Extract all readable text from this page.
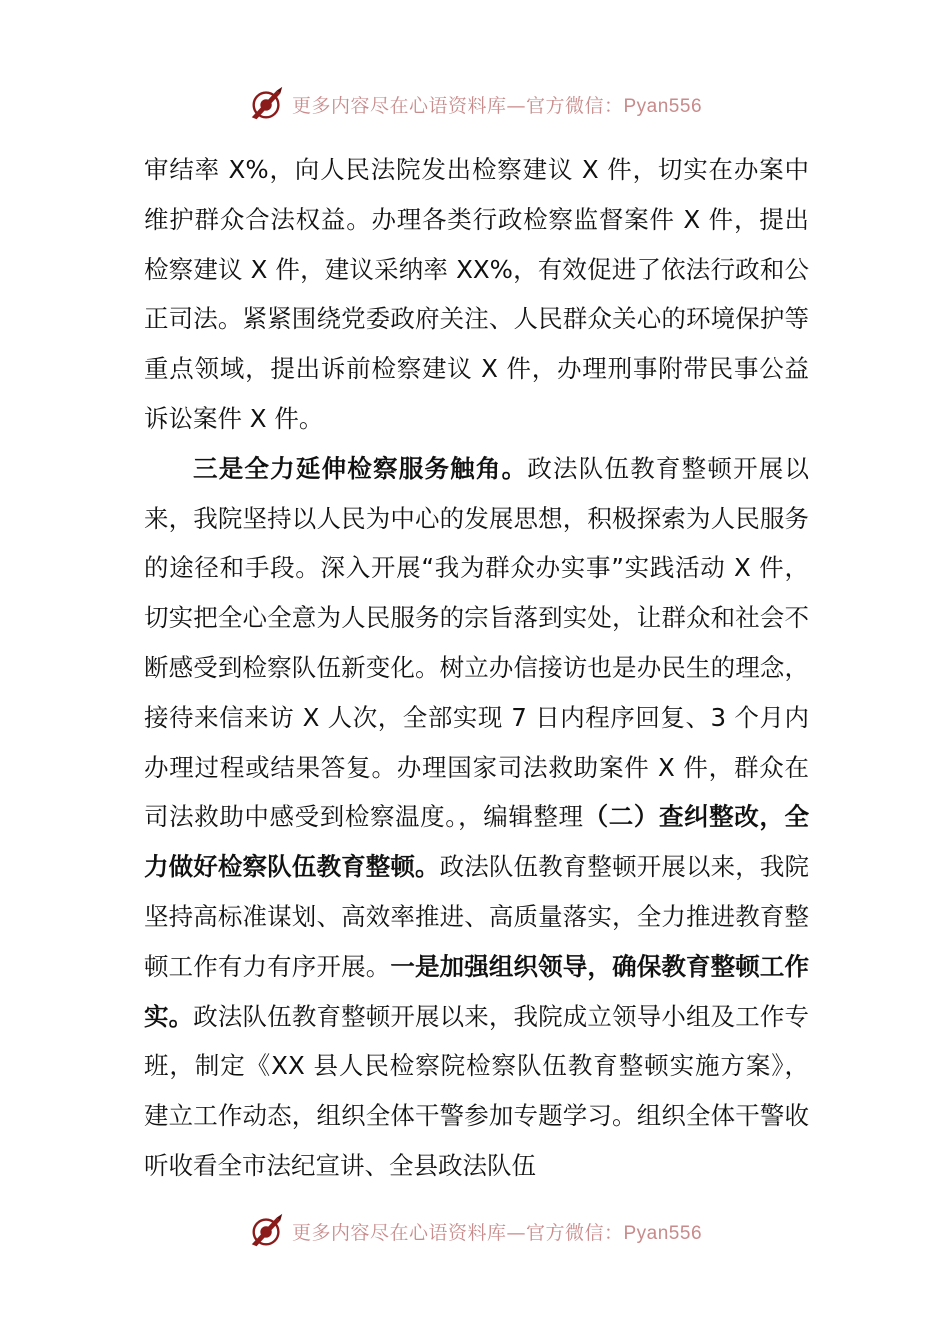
更多内容尽在心语资料库—官方微信：Pyan556

审结率 X%，向人民法院发出检察建议 X 件，切实在办案中维护群众合法权益。办理各类行政检察监督案件 X 件，提出检察建议 X 件，建议采纳率 XX%，有效促进了依法行政和公正司法。紧紧围绕党委政府关注、人民群众关心的环境保护等重点领域，提出诉前检察建议 X 件，办理刑事附带民事公益诉讼案件 X 件。

三是全力延伸检察服务触角。政法队伍教育整顿开展以来，我院坚持以人民为中心的发展思想，积极探索为人民服务的途径和手段。深入开展“我为群众办实事”实践活动 X 件，切实把全心全意为人民服务的宗旨落到实处，让群众和社会不断感受到检察队伍新变化。树立办信接访也是办民生的理念，接待来信来访 X 人次，全部实现 7 日内程序回复、3 个月内办理过程或结果答复。办理国家司法救助案件 X 件，群众在司法救助中感受到检察温度。，编辑整理（二）查纠整改，全力做好检察队伍教育整顿。政法队伍教育整顿开展以来，我院坚持高标准谋划、高效率推进、高质量落实，全力推进教育整顿工作有力有序开展。一是加强组织领导，确保教育整顿工作实。政法队伍教育整顿开展以来，我院成立领导小组及工作专班，制定《XX 县人民检察院检察队伍教育整顿实施方案》，建立工作动态，组织全体干警参加专题学习。组织全体干警收听收看全市法纪宣讲、全县政法队伍

更多内容尽在心语资料库—官方微信：Pyan556
